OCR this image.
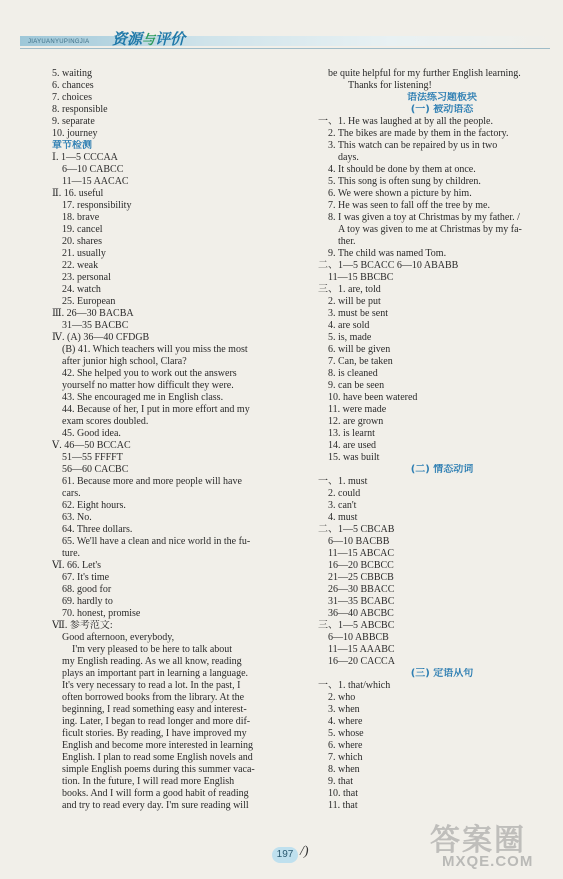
JIAYUANYUPINGJIA 资源与评价
5. waiting
6. chances
7. choices
8. responsible
9. separate
10. journey
章节检测
Ⅰ. 1—5 CCCAA
6—10 CABCC
11—15 AACAC
Ⅱ. 16. useful
17. responsibility
18. brave
19. cancel
20. shares
21. usually
22. weak
23. personal
24. watch
25. European
Ⅲ. 26—30 BACBA
31—35 BACBC
Ⅳ. (A) 36—40 CFDGB
(B) 41. Which teachers will you miss the most
after junior high school, Clara?
42. She helped you to work out the answers
yourself no matter how difficult they were.
43. She encouraged me in English class.
44. Because of her, I put in more effort and my
exam scores doubled.
45. Good idea.
Ⅴ. 46—50 BCCAC
51—55 FFFFT
56—60 CACBC
61. Because more and more people will have
cars.
62. Eight hours.
63. No.
64. Three dollars.
65. We'll have a clean and nice world in the fu-
ture.
Ⅵ. 66. Let's
67. It's time
68. good for
69. hardly to
70. honest, promise
Ⅶ. 参考范文:
Good afternoon, everybody,
I'm very pleased to be here to talk about
my English reading. As we all know, reading
plays an important part in learning a language.
It's very necessary to read a lot. In the past, I
often borrowed books from the library. At the
beginning, I read something easy and interest-
ing. Later, I began to read longer and more dif-
ficult stories. By reading, I have improved my
English and become more interested in learning
English. I plan to read some English novels and
simple English poems during this summer vaca-
tion. In the future, I will read more English
books. And I will form a good habit of reading
and try to read every day. I'm sure reading will
be quite helpful for my further English learning.
Thanks for listening!
语法练习题板块
(一) 被动语态
一、1. He was laughed at by all the people.
2. The bikes are made by them in the factory.
3. This watch can be repaired by us in two
days.
4. It should be done by them at once.
5. This song is often sung by children.
6. We were shown a picture by him.
7. He was seen to fall off the tree by me.
8. I was given a toy at Christmas by my father. /
A toy was given to me at Christmas by my fa-
ther.
9. The child was named Tom.
二、1—5 BCACC 6—10 ABABB
11—15 BBCBC
三、1. are, told
2. will be put
3. must be sent
4. are sold
5. is, made
6. will be given
7. Can, be taken
8. is cleaned
9. can be seen
10. have been watered
11. were made
12. are grown
13. is learnt
14. are used
15. was built
(二) 情态动词
一、1. must
2. could
3. can't
4. must
二、1—5 CBCAB
6—10 BACBB
11—15 ABCAC
16—20 BCBCC
21—25 CBBCB
26—30 BBACC
31—35 BCABC
36—40 ABCBC
三、1—5 ABCBC
6—10 ABBCB
11—15 AAABC
16—20 CACCA
(三) 定语从句
一、1. that/which
2. who
3. when
4. where
5. whose
6. where
7. which
8. when
9. that
10. that
11. that
197 /)	答案圈
MXQE.COM
